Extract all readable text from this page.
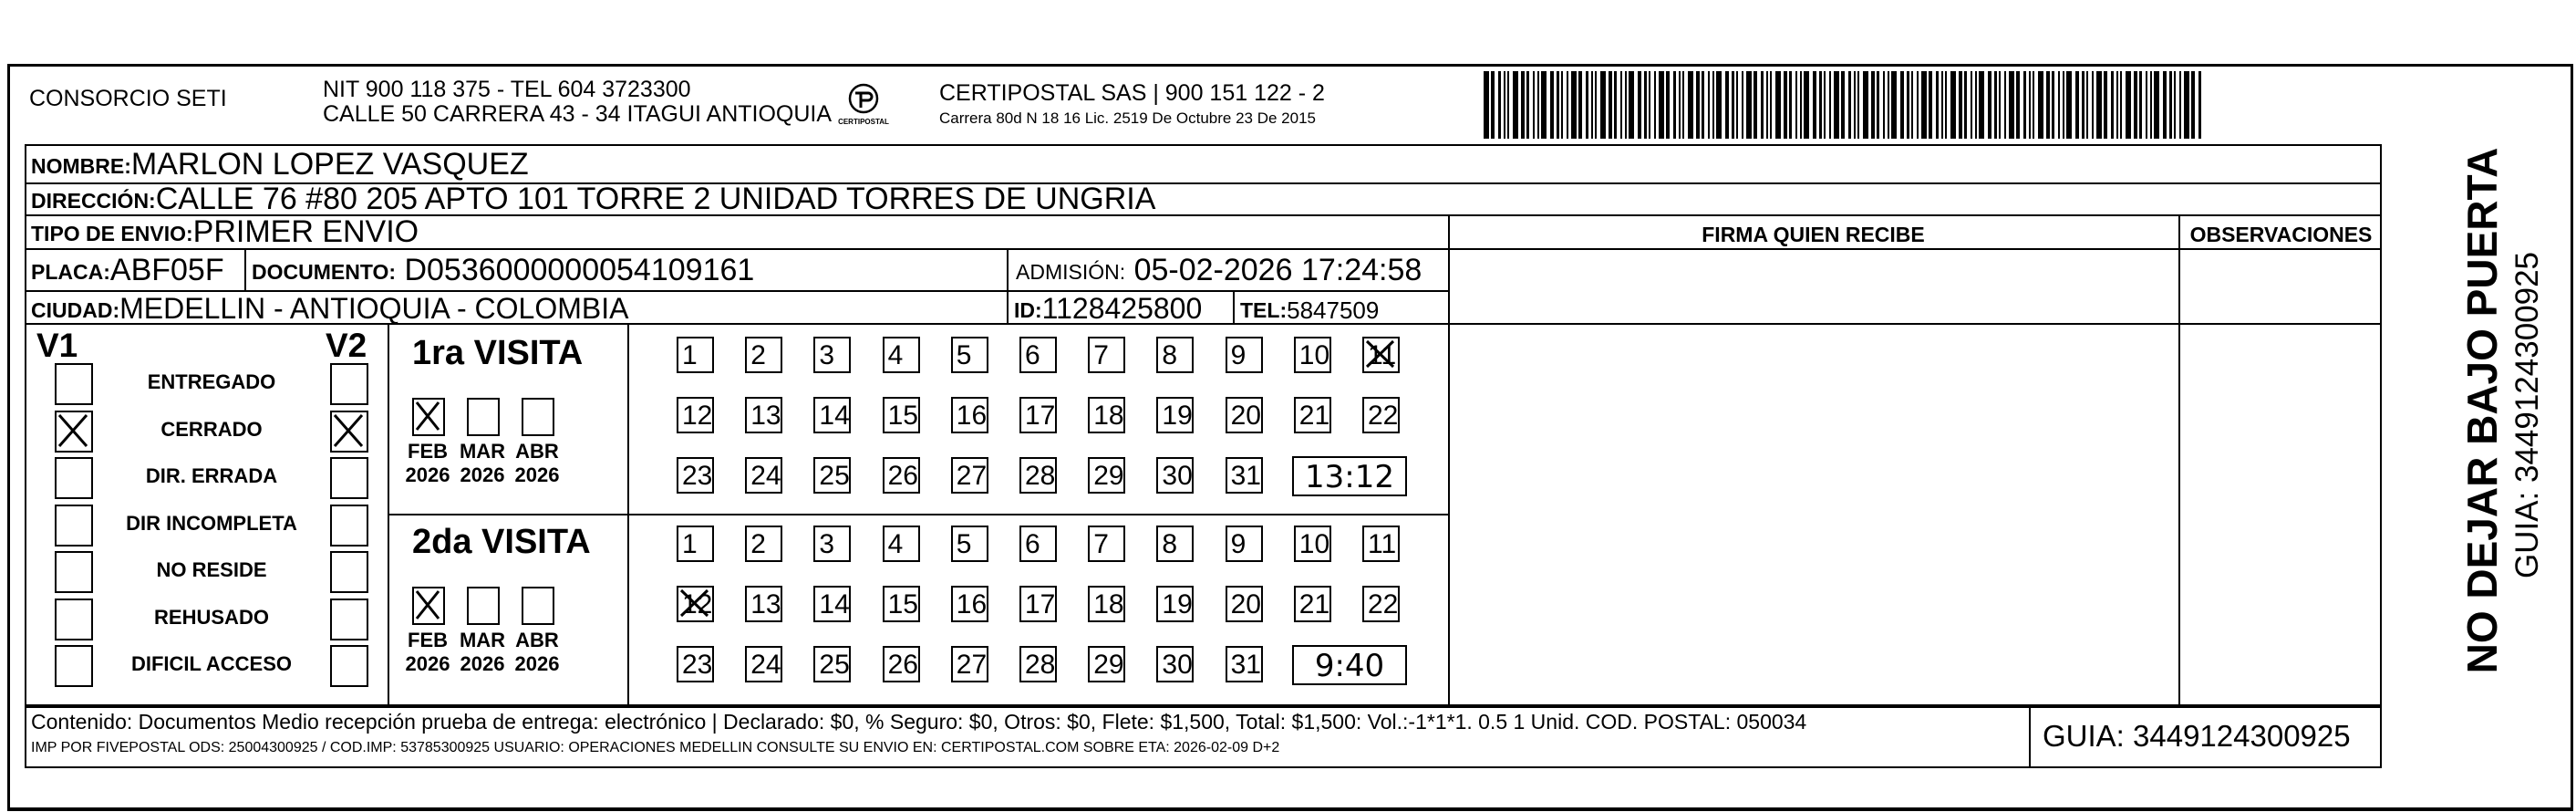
CONSORCIO SETI	NIT 900 118 375 - TEL 604 3723300
CALLE 50 CARRERA 43 - 34 ITAGUI ANTIOQUIA CERTIPOSTAL
CERTIPOSTAL SAS | 900 151 122 - 2
Carrera 80d N 18 16 Lic. 2519 De Octubre 23 De 2015
NOMBRE:MARLON LOPEZ VASQUEZ
DIRECCIÓN:CALLE 76 #80 205 APTO 101 TORRE 2 UNIDAD TORRES DE UNGRIA
TIPO DE ENVIO:PRIMER ENVIO
PLACA:ABF05F DOCUMENTO: D0536000000054109161	ADMISIÓN: 05-02-2026 17:24:58
CIUDAD:MEDELLIN - ANTIOQUIA - COLOMBIA	ID:1128425800 TEL:5847509
FIRMA QUIEN RECIBE	OBSERVACIONES
V1	V2
ENTREGADO
CERRADO
DIR. ERRADA
DIR INCOMPLETA
NO RESIDE
REHUSADO
DIFICIL ACCESO
1ra VISITA
FEB
2026
MAR
2026
ABR
2026
1	2	3	4	5	6	7	8	9	10 11
12 13 14 15 16 17 18 19 20 21 22
23 24 25 26 27 28 29 30 31	13:12
2da VISITA
FEB
2026
MAR
2026
ABR
2026
1	2	3	4	5	6	7	8	9	10 11
12 13 14 15 16 17 18 19 20 21 22
23 24 25 26 27 28 29 30 31	9:40
Contenido: Documentos Medio recepción prueba de entrega: electrónico | Declarado: $0, % Seguro: $0, Otros: $0, Flete: $1,500, Total: $1,500: Vol.:-1*1*1. 0.5 1 Unid. COD. POSTAL: 050034
IMP POR FIVEPOSTAL ODS: 25004300925 / COD.IMP: 53785300925 USUARIO: OPERACIONES MEDELLIN CONSULTE SU ENVIO EN: CERTIPOSTAL.COM SOBRE ETA: 2026-02-09 D+2	GUIA: 3449124300925
NO DEJAR BAJO PUERTA GUIA: 3449124300925
